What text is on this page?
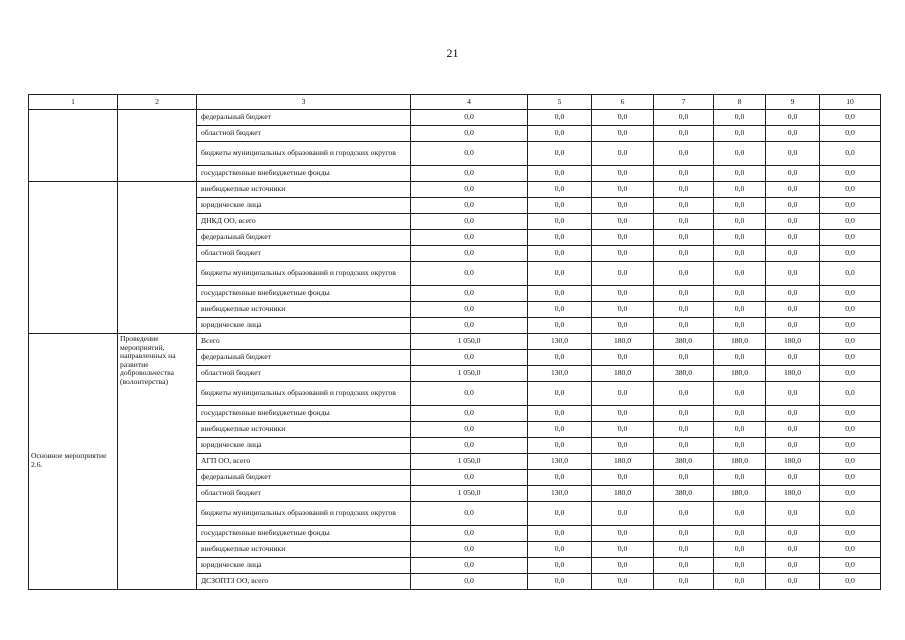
21
1	2	3	4	5	6	7	8	9	10
		федеральный бюджет	0,0	0,0	0,0	0,0	0,0	0,0	0,0
		областной бюджет	0,0	0,0	0,0	0,0	0,0	0,0	0,0
		бюджеты муниципальных образований и городских округов	0,0	0,0	0,0	0,0	0,0	0,0	0,0
		государственные внебюджетные фонды	0,0	0,0	0,0	0,0	0,0	0,0	0,0
		внебюджетные источники	0,0	0,0	0,0	0,0	0,0	0,0	0,0
		юридические лица	0,0	0,0	0,0	0,0	0,0	0,0	0,0
		ДНКД ОО, всего	0,0	0,0	0,0	0,0	0,0	0,0	0,0
		федеральный бюджет	0,0	0,0	0,0	0,0	0,0	0,0	0,0
		областной бюджет	0,0	0,0	0,0	0,0	0,0	0,0	0,0
		бюджеты муниципальных образований и городских округов	0,0	0,0	0,0	0,0	0,0	0,0	0,0
		государственные внебюджетные фонды	0,0	0,0	0,0	0,0	0,0	0,0	0,0
		внебюджетные источники	0,0	0,0	0,0	0,0	0,0	0,0	0,0
		юридические лица	0,0	0,0	0,0	0,0	0,0	0,0	0,0

Основное мероприятие 2.6.	Проведение мероприятий, направленных на развитие добровольчества (волонтерства)	Всего	1 050,0	130,0	180,0	380,0	180,0	180,0	0,0
		федеральный бюджет	0,0	0,0	0,0	0,0	0,0	0,0	0,0
		областной бюджет	1 050,0	130,0	180,0	380,0	180,0	180,0	0,0
		бюджеты муниципальных образований и городских округов	0,0	0,0	0,0	0,0	0,0	0,0	0,0
		государственные внебюджетные фонды	0,0	0,0	0,0	0,0	0,0	0,0	0,0
		внебюджетные источники	0,0	0,0	0,0	0,0	0,0	0,0	0,0
		юридические лица	0,0	0,0	0,0	0,0	0,0	0,0	0,0
		АГП ОО, всего	1 050,0	130,0	180,0	380,0	180,0	180,0	0,0
		федеральный бюджет	0,0	0,0	0,0	0,0	0,0	0,0	0,0
		областной бюджет	1 050,0	130,0	180,0	380,0	180,0	180,0	0,0
		бюджеты муниципальных образований и городских округов	0,0	0,0	0,0	0,0	0,0	0,0	0,0
		государственные внебюджетные фонды	0,0	0,0	0,0	0,0	0,0	0,0	0,0
		внебюджетные источники	0,0	0,0	0,0	0,0	0,0	0,0	0,0
		юридические лица	0,0	0,0	0,0	0,0	0,0	0,0	0,0
		ДСЗОПТЗ ОО, всего	0,0	0,0	0,0	0,0	0,0	0,0	0,0
